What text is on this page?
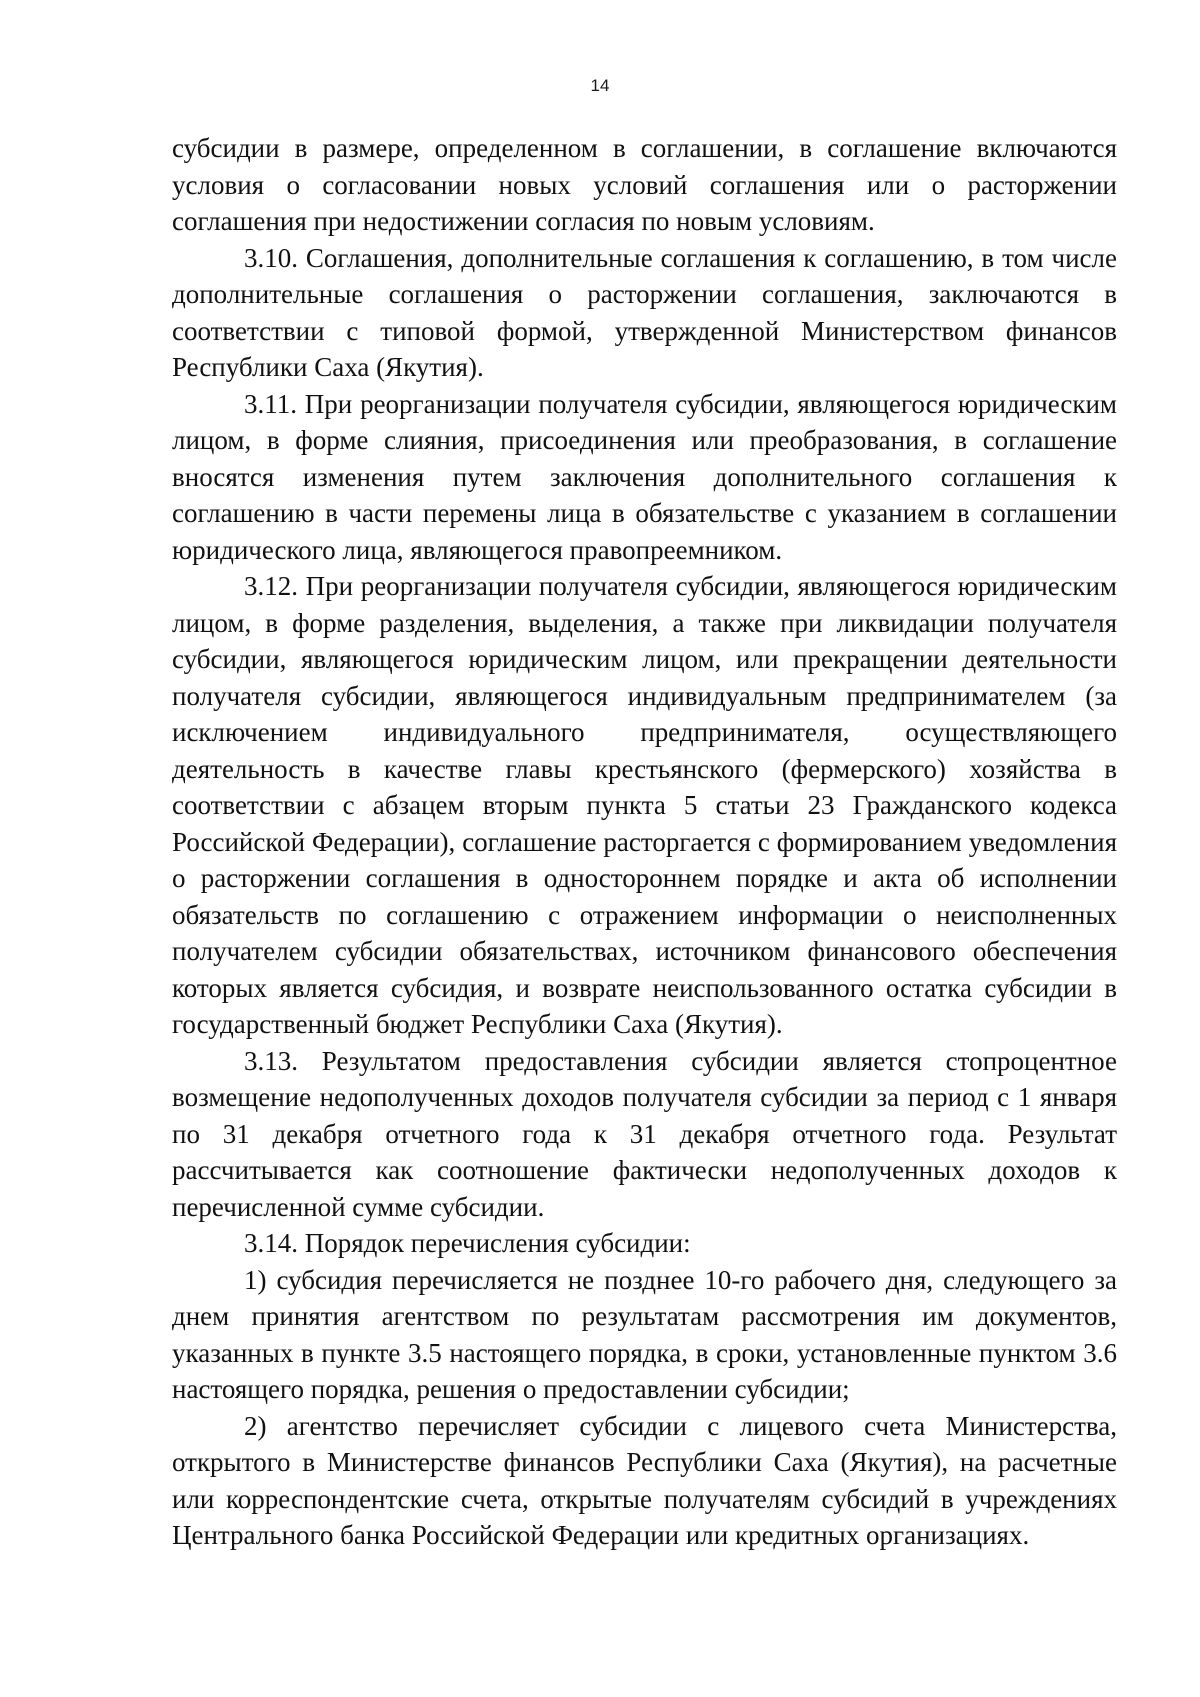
14

субсидии в размере, определенном в соглашении, в соглашение включаются условия о согласовании новых условий соглашения или о расторжении соглашения при недостижении согласия по новым условиям.

3.10. Соглашения, дополнительные соглашения к соглашению, в том числе дополнительные соглашения о расторжении соглашения, заключаются в соответствии с типовой формой, утвержденной Министерством финансов Республики Саха (Якутия).

3.11. При реорганизации получателя субсидии, являющегося юридическим лицом, в форме слияния, присоединения или преобразования, в соглашение вносятся изменения путем заключения дополнительного соглашения к соглашению в части перемены лица в обязательстве с указанием в соглашении юридического лица, являющегося правопреемником.

3.12. При реорганизации получателя субсидии, являющегося юридическим лицом, в форме разделения, выделения, а также при ликвидации получателя субсидии, являющегося юридическим лицом, или прекращении деятельности получателя субсидии, являющегося индивидуальным предпринимателем (за исключением индивидуального предпринимателя, осуществляющего деятельность в качестве главы крестьянского (фермерского) хозяйства в соответствии с абзацем вторым пункта 5 статьи 23 Гражданского кодекса Российской Федерации), соглашение расторгается с формированием уведомления о расторжении соглашения в одностороннем порядке и акта об исполнении обязательств по соглашению с отражением информации о неисполненных получателем субсидии обязательствах, источником финансового обеспечения которых является субсидия, и возврате неиспользованного остатка субсидии в государственный бюджет Республики Саха (Якутия).

3.13. Результатом предоставления субсидии является стопроцентное возмещение недополученных доходов получателя субсидии за период с 1 января по 31 декабря отчетного года к 31 декабря отчетного года. Результат рассчитывается как соотношение фактически недополученных доходов к перечисленной сумме субсидии.

3.14. Порядок перечисления субсидии:

1) субсидия перечисляется не позднее 10-го рабочего дня, следующего за днем принятия агентством по результатам рассмотрения им документов, указанных в пункте 3.5 настоящего порядка, в сроки, установленные пунктом 3.6 настоящего порядка, решения о предоставлении субсидии;

2) агентство перечисляет субсидии с лицевого счета Министерства, открытого в Министерстве финансов Республики Саха (Якутия), на расчетные или корреспондентские счета, открытые получателям субсидий в учреждениях Центрального банка Российской Федерации или кредитных организациях.
